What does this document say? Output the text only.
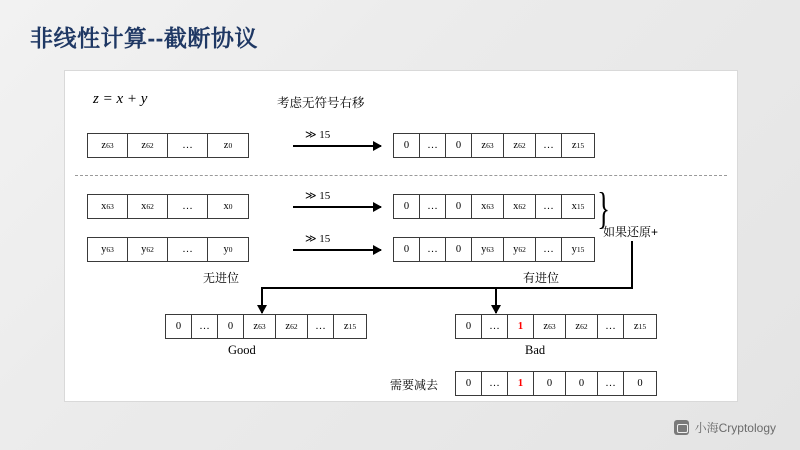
非线性计算--截断协议
z = x + y	考虑无符号右移
z 63	z 62	…	z 0
≫ 15
0	…	0	z 63	z 62	…	z 15
x 63	x 62	…	x 0
≫ 15
0	…	0	x 63	x 62	…	x 15
y 63	y 62	…	y 0
≫ 15
0	…	0	y 63	y 62	…	y 15
}
如果还原+
无进位	有进位
0	…	0	z 63	z 62	…	z 15
Good
0	…	1	z 63	z 62	…	z 15
Bad
需要减去	0	…	1	0	0	…	0
小海Cryptology
